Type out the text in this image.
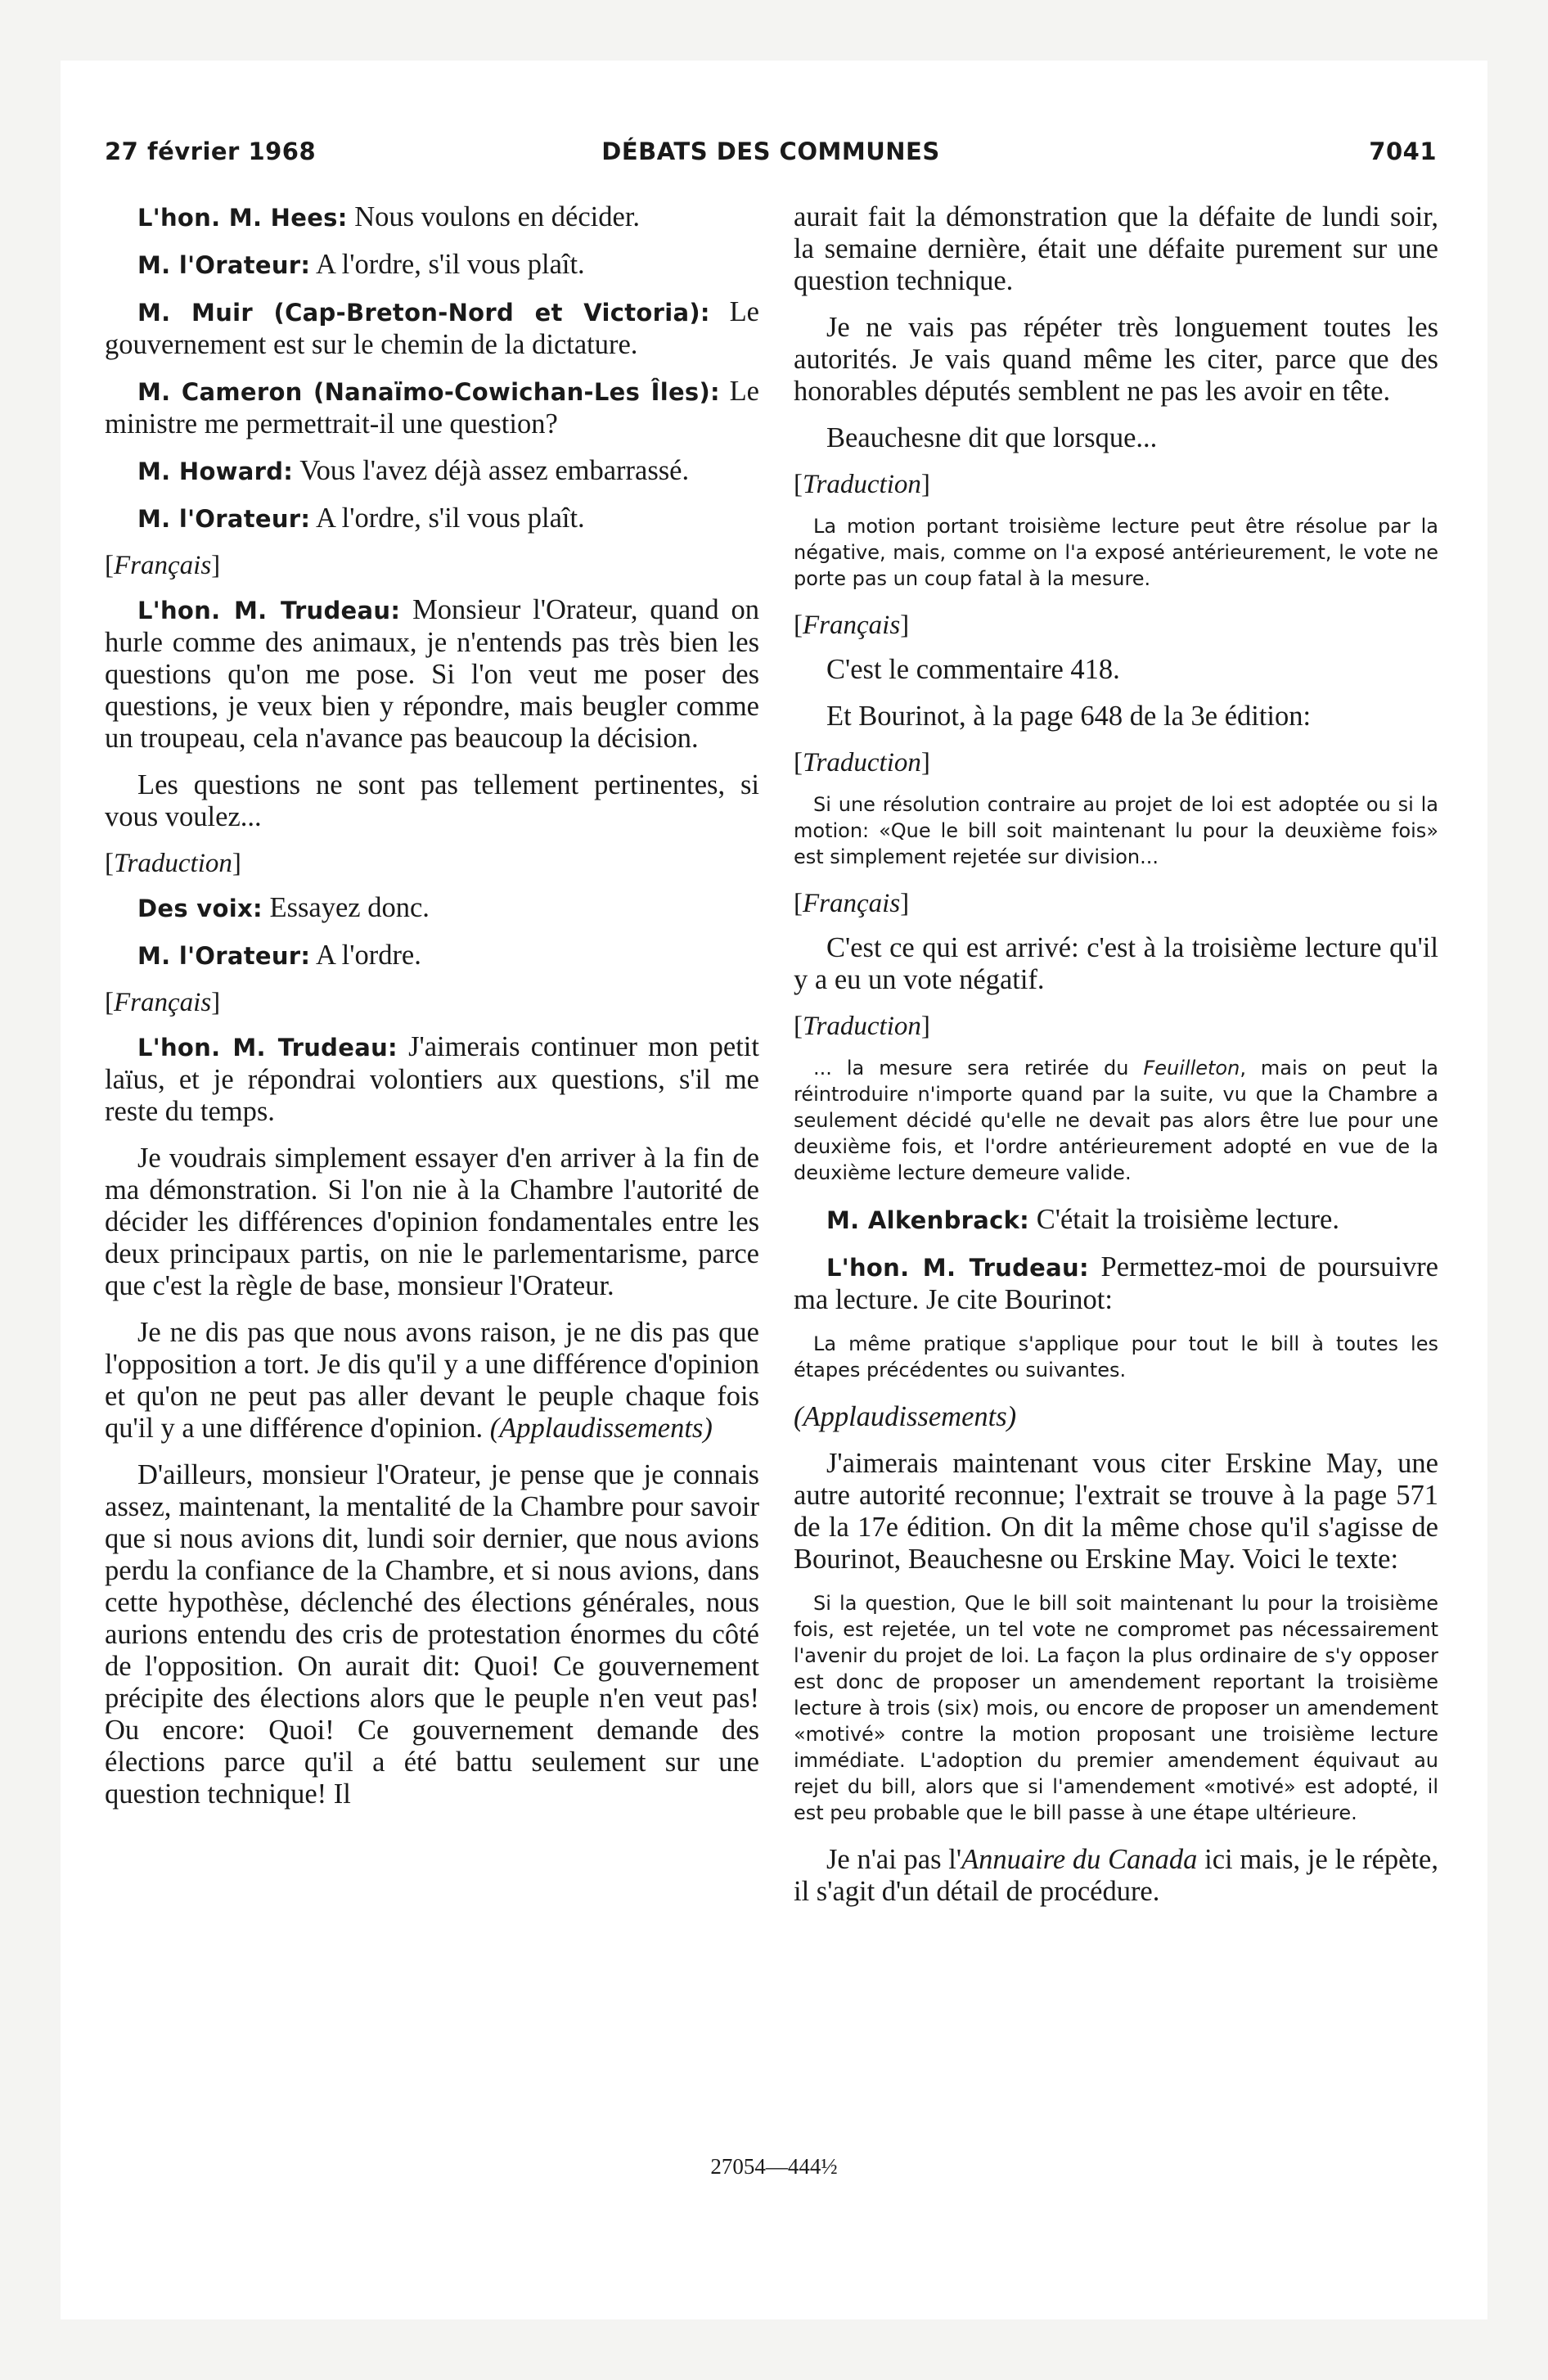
27 février 1968	DÉBATS DES COMMUNES	7041

L'hon. M. Hees: Nous voulons en décider.

M. l'Orateur: A l'ordre, s'il vous plaît.

M. Muir (Cap-Breton-Nord et Victoria): Le gouvernement est sur le chemin de la dictature.

M. Cameron (Nanaïmo-Cowichan-Les Îles): Le ministre me permettrait-il une question?

M. Howard: Vous l'avez déjà assez embarrassé.

M. l'Orateur: A l'ordre, s'il vous plaît.

[Français]

L'hon. M. Trudeau: Monsieur l'Orateur, quand on hurle comme des animaux, je n'entends pas très bien les questions qu'on me pose. Si l'on veut me poser des questions, je veux bien y répondre, mais beugler comme un troupeau, cela n'avance pas beaucoup la décision.

Les questions ne sont pas tellement pertinentes, si vous voulez...

[Traduction]

Des voix: Essayez donc.

M. l'Orateur: A l'ordre.

[Français]

L'hon. M. Trudeau: J'aimerais continuer mon petit laïus, et je répondrai volontiers aux questions, s'il me reste du temps.

Je voudrais simplement essayer d'en arriver à la fin de ma démonstration. Si l'on nie à la Chambre l'autorité de décider les différences d'opinion fondamentales entre les deux principaux partis, on nie le parlementarisme, parce que c'est la règle de base, monsieur l'Orateur.

Je ne dis pas que nous avons raison, je ne dis pas que l'opposition a tort. Je dis qu'il y a une différence d'opinion et qu'on ne peut pas aller devant le peuple chaque fois qu'il y a une différence d'opinion. (Applaudissements)

D'ailleurs, monsieur l'Orateur, je pense que je connais assez, maintenant, la mentalité de la Chambre pour savoir que si nous avions dit, lundi soir dernier, que nous avions perdu la confiance de la Chambre, et si nous avions, dans cette hypothèse, déclenché des élections générales, nous aurions entendu des cris de protestation énormes du côté de l'opposition. On aurait dit: Quoi! Ce gouvernement précipite des élections alors que le peuple n'en veut pas! Ou encore: Quoi! Ce gouvernement demande des élections parce qu'il a été battu seulement sur une question technique! Il

aurait fait la démonstration que la défaite de lundi soir, la semaine dernière, était une défaite purement sur une question technique.

Je ne vais pas répéter très longuement toutes les autorités. Je vais quand même les citer, parce que des honorables députés semblent ne pas les avoir en tête.

Beauchesne dit que lorsque...

[Traduction]

La motion portant troisième lecture peut être résolue par la négative, mais, comme on l'a exposé antérieurement, le vote ne porte pas un coup fatal à la mesure.

[Français]

C'est le commentaire 418.

Et Bourinot, à la page 648 de la 3e édition:

[Traduction]

Si une résolution contraire au projet de loi est adoptée ou si la motion: «Que le bill soit maintenant lu pour la deuxième fois» est simplement rejetée sur division...

[Français]

C'est ce qui est arrivé: c'est à la troisième lecture qu'il y a eu un vote négatif.

[Traduction]

... la mesure sera retirée du Feuilleton, mais on peut la réintroduire n'importe quand par la suite, vu que la Chambre a seulement décidé qu'elle ne devait pas alors être lue pour une deuxième fois, et l'ordre antérieurement adopté en vue de la deuxième lecture demeure valide.

M. Alkenbrack: C'était la troisième lecture.

L'hon. M. Trudeau: Permettez-moi de poursuivre ma lecture. Je cite Bourinot:

La même pratique s'applique pour tout le bill à toutes les étapes précédentes ou suivantes.

(Applaudissements)

J'aimerais maintenant vous citer Erskine May, une autre autorité reconnue; l'extrait se trouve à la page 571 de la 17e édition. On dit la même chose qu'il s'agisse de Bourinot, Beauchesne ou Erskine May. Voici le texte:

Si la question, Que le bill soit maintenant lu pour la troisième fois, est rejetée, un tel vote ne compromet pas nécessairement l'avenir du projet de loi. La façon la plus ordinaire de s'y opposer est donc de proposer un amendement reportant la troisième lecture à trois (six) mois, ou encore de proposer un amendement «motivé» contre la motion proposant une troisième lecture immédiate. L'adoption du premier amendement équivaut au rejet du bill, alors que si l'amendement «motivé» est adopté, il est peu probable que le bill passe à une étape ultérieure.

Je n'ai pas l'Annuaire du Canada ici mais, je le répète, il s'agit d'un détail de procédure.

27054—444½
